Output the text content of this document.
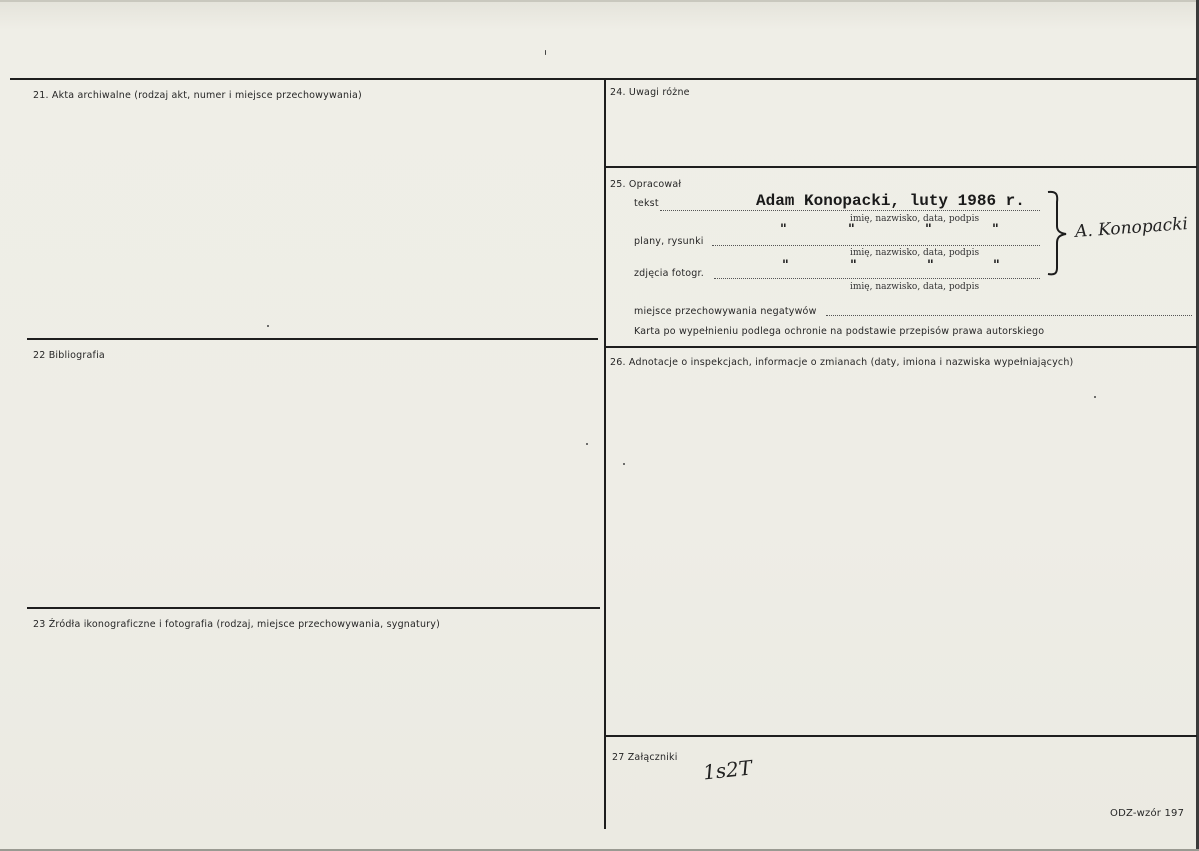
21. Akta archiwalne (rodzaj akt, numer i miejsce przechowywania)
22 Bibliografia
23 Źródła ikonograficzne i fotografia (rodzaj, miejsce przechowywania, sygnatury)
24. Uwagi różne
25. Opracował
26. Adnotacje o inspekcjach, informacje o zmianach (daty, imiona i nazwiska wypełniających)
27 Załączniki
tekst	Adam Konopacki, luty 1986 r.
imię, nazwisko, data, podpis
plany, rysunki
"	"	"	"
imię, nazwisko, data, podpis
zdjęcia fotogr.
"	"	"	"
imię, nazwisko, data, podpis
A. Konopacki
miejsce przechowywania negatywów
Karta po wypełnieniu podlega ochronie na podstawie przepisów prawa autorskiego
1s2T
ODZ-wzór 197
